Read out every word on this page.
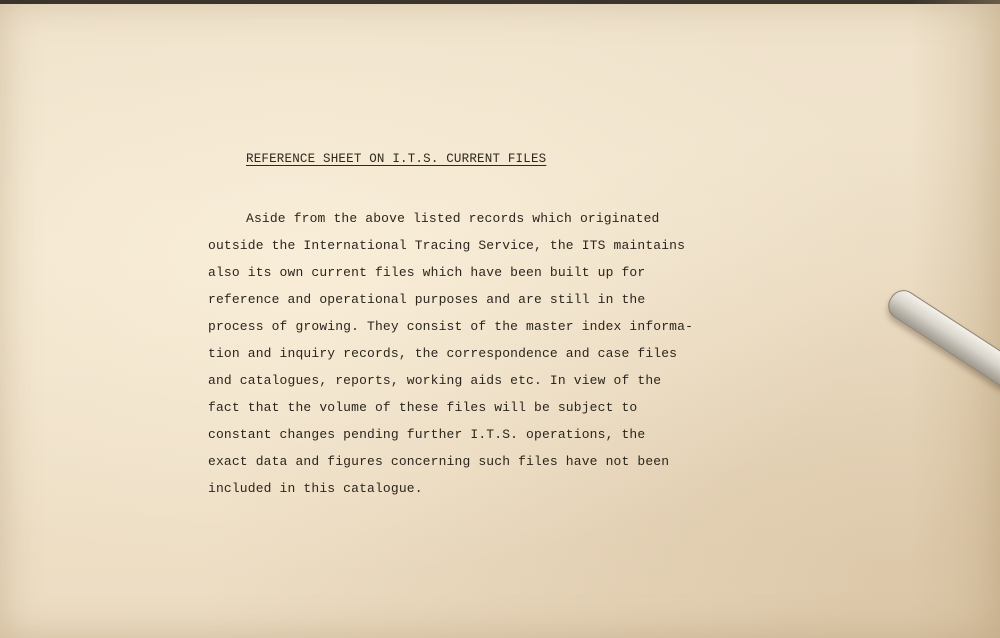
REFERENCE SHEET ON I.T.S. CURRENT FILES
Aside from the above listed records which originated
outside the International Tracing Service, the ITS maintains
also its own current files which have been built up for
reference and operational purposes and are still in the
process of growing. They consist of the master index informa-
tion and inquiry records, the correspondence and case files
and catalogues, reports, working aids etc. In view of the
fact that the volume of these files will be subject to
constant changes pending further I.T.S. operations, the
exact data and figures concerning such files have not been
included in this catalogue.
